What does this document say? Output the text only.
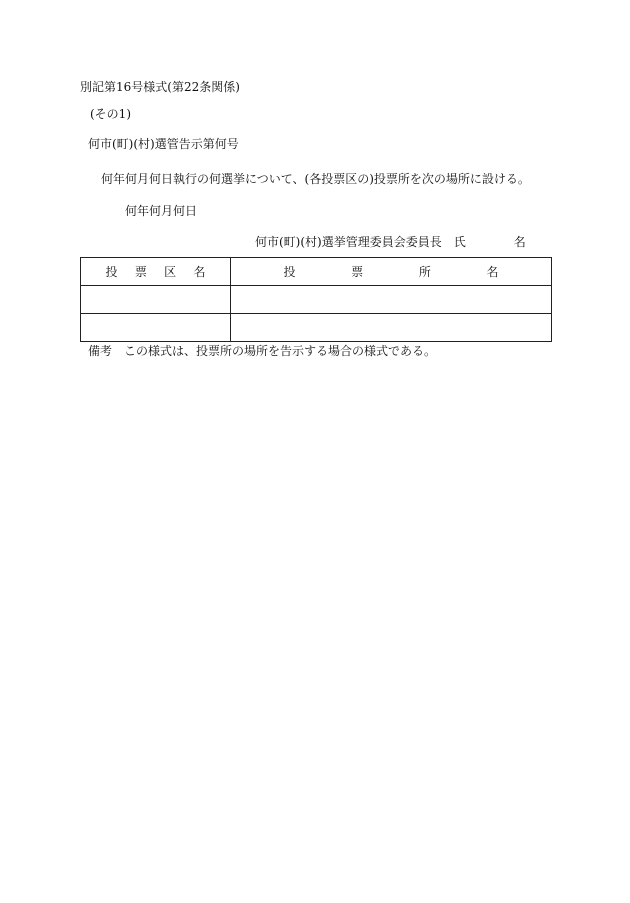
別記第16号様式(第22条関係)
(その1)
何市(町)(村)選管告示第何号
何年何月何日執行の何選挙について、(各投票区の)投票所を次の場所に設ける。
何年何月何日
何市(町)(村)選挙管理委員会委員長　氏	名
投 票 区 名	投 票 所 名

備考 この様式は、投票所の場所を告示する場合の様式である。
